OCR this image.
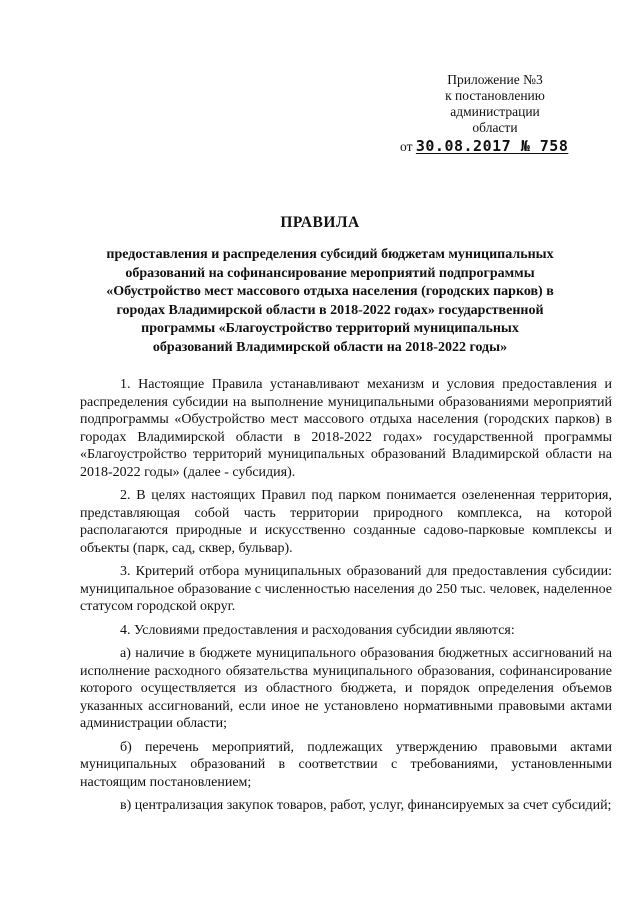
Приложение №3
к постановлению
администрации
области
от 30.08.2017 № 758
ПРАВИЛА
предоставления и распределения субсидий бюджетам муниципальных образований на софинансирование мероприятий подпрограммы «Обустройство мест массового отдыха населения (городских парков) в городах Владимирской области в 2018-2022 годах» государственной программы «Благоустройство территорий муниципальных образований Владимирской области на 2018-2022 годы»

1. Настоящие Правила устанавливают механизм и условия предоставления и распределения субсидии на выполнение муниципальными образованиями мероприятий подпрограммы «Обустройство мест массового отдыха населения (городских парков) в городах Владимирской области в 2018-2022 годах» государственной программы «Благоустройство территорий муниципальных образований Владимирской области на 2018-2022 годы» (далее - субсидия).

2. В целях настоящих Правил под парком понимается озелененная территория, представляющая собой часть территории природного комплекса, на которой располагаются природные и искусственно созданные садово-парковые комплексы и объекты (парк, сад, сквер, бульвар).

3. Критерий отбора муниципальных образований для предоставления субсидии: муниципальное образование с численностью населения до 250 тыс. человек, наделенное статусом городской округ.

4. Условиями предоставления и расходования субсидии являются:

а) наличие в бюджете муниципального образования бюджетных ассигнований на исполнение расходного обязательства муниципального образования, софинансирование которого осуществляется из областного бюджета, и порядок определения объемов указанных ассигнований, если иное не установлено нормативными правовыми актами администрации области;

б) перечень мероприятий, подлежащих утверждению правовыми актами муниципальных образований в соответствии с требованиями, установленными настоящим постановлением;

в) централизация закупок товаров, работ, услуг, финансируемых за счет субсидий;
